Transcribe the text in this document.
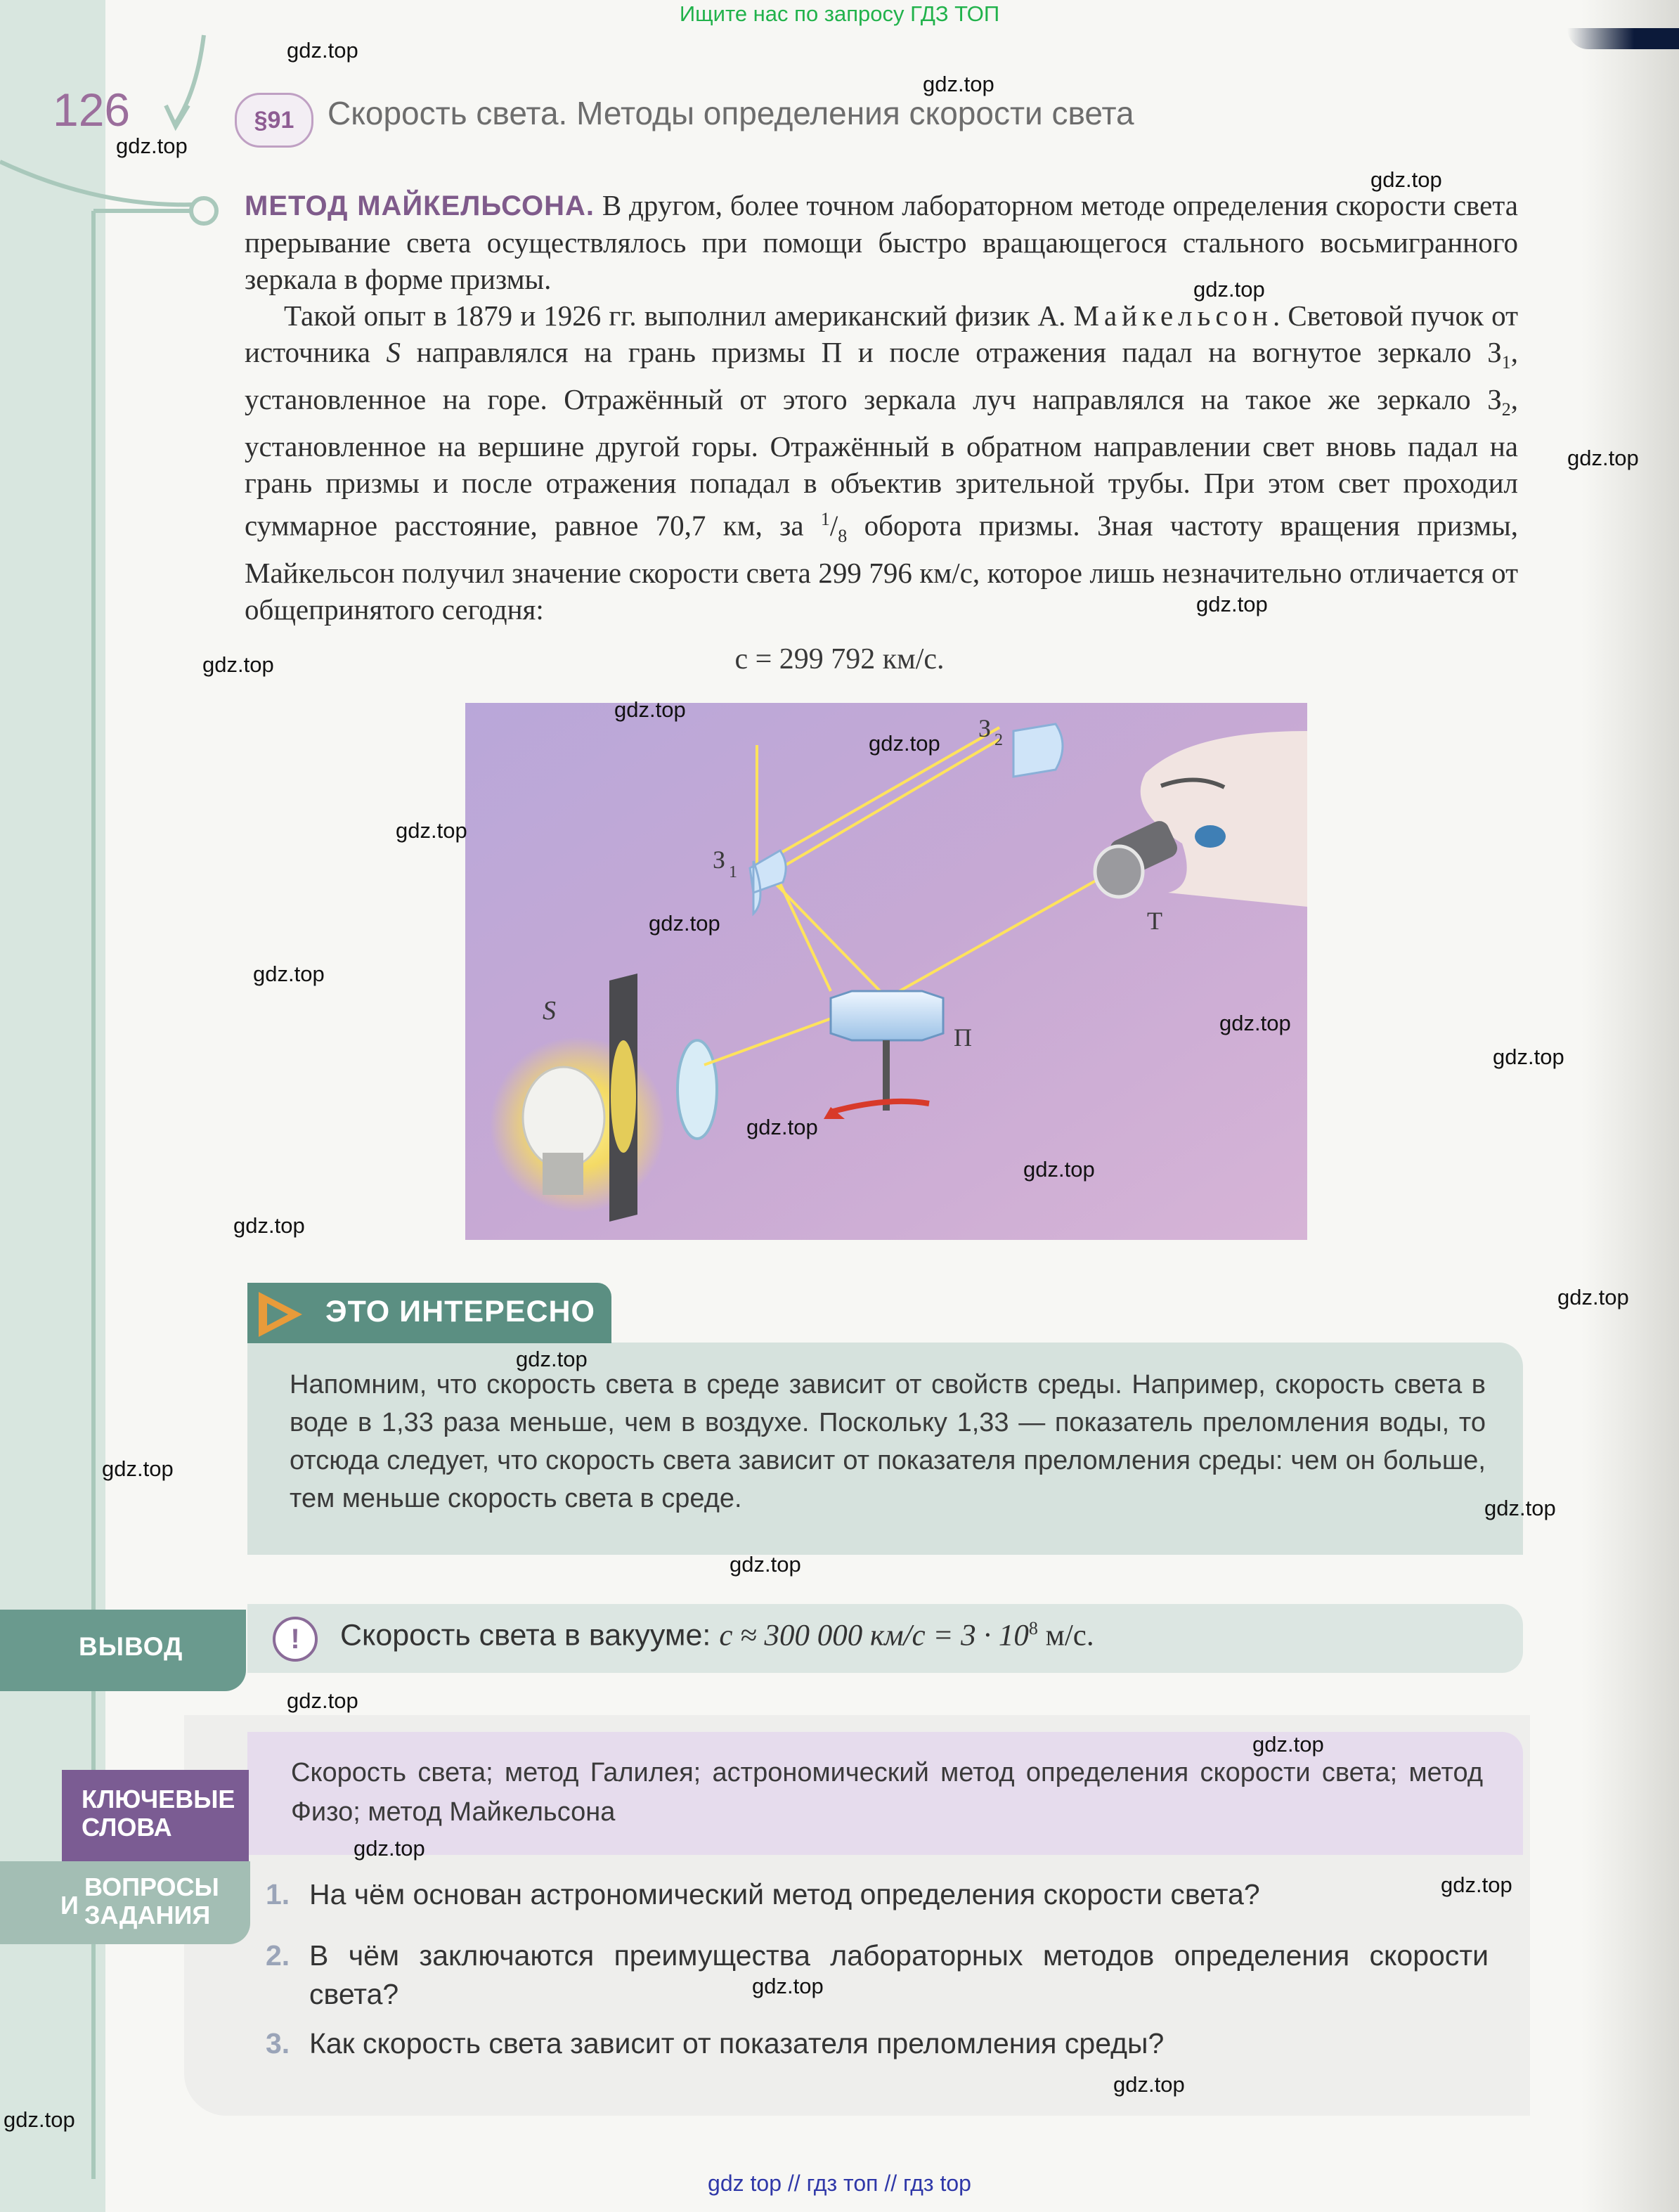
Ищите нас по запросу ГДЗ ТОП
126	§91	Скорость света. Методы определения скорости света

МЕТОД МАЙКЕЛЬСОНА. В другом, более точном лабораторном методе определения скорости света прерывание света осуществлялось при помощи быстро вращающегося стального восьмигранного зеркала в форме призмы.

Такой опыт в 1879 и 1926 гг. выполнил американский физик А. Майкельсон. Световой пучок от источника S направлялся на грань призмы П и после отражения падал на вогнутое зеркало $З_1$, установленное на горе. Отражённый от этого зеркала луч направлялся на такое же зеркало $З_2$, установленное на вершине другой горы. Отражённый в обратном направлении свет вновь падал на грань призмы и после отражения попадал в объектив зрительной трубы. При этом свет проходил суммарное расстояние, равное 70,7 км, за $^1/_8$ оборота призмы. Зная частоту вращения призмы, Майкельсон получил значение скорости света 299 796 км/с, которое лишь незначительно отличается от общепринятого сегодня:

c = 299 792 км/с.
S
З 1
З 2
П
Т
ЭТО ИНТЕРЕСНО
Напомним, что скорость света в среде зависит от свойств среды. Например, скорость света в воде в 1,33 раза меньше, чем в воздухе. Поскольку 1,33 — показатель преломления воды, то отсюда следует, что скорость света зависит от показателя преломления среды: чем он больше, тем меньше скорость света в среде.
ВЫВОД	!	Скорость света в вакууме: c ≈ 300 000 $км/с = 3 \cdot 10^8$ м/с.
КЛЮЧЕВЫЕ
СЛОВА
Скорость света; метод Галилея; астрономический метод определения скорости света; метод Физо; метод Майкельсона
И
ВОПРОСЫ
ЗАДАНИЯ
1. На чём основан астрономический метод определения скорости света?
2. В чём заключаются преимущества лабораторных методов определения скорости света?
3. Как скорость света зависит от показателя преломления среды?
gdz.top
gdz.top
gdz.top
gdz.top
gdz.top
gdz.top
gdz.top
gdz.top
gdz.top
gdz.top
gdz.top
gdz.top
gdz.top
gdz.top
gdz.top
gdz.top
gdz.top
gdz.top
gdz.top
gdz.top
gdz.top
gdz.top
gdz.top
gdz.top
gdz.top
gdz.top
gdz.top
gdz.top
gdz.top
gdz.top
gdz top // гдз топ // гдз top
